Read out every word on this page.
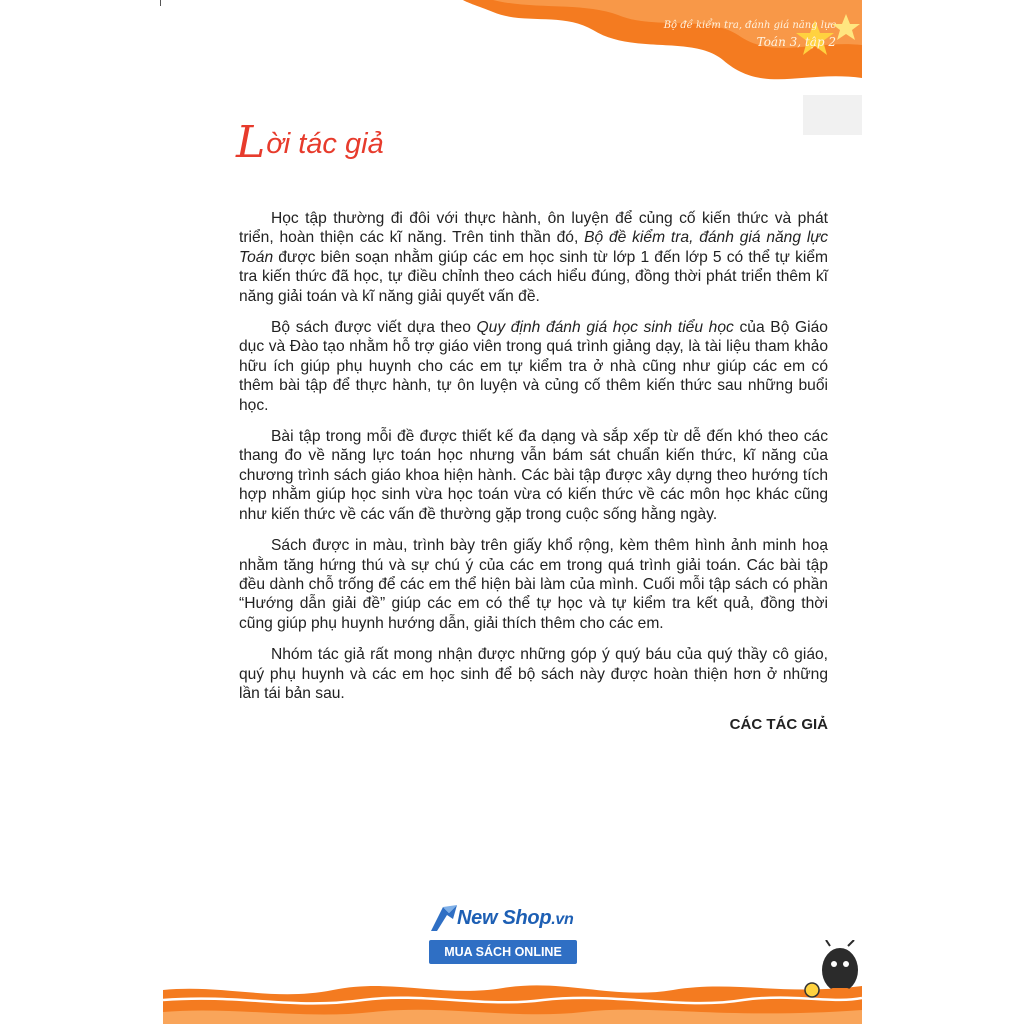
Bộ đề kiểm tra, đánh giá năng lực
Toán 3, tập 2
Lời tác giả

Học tập thường đi đôi với thực hành, ôn luyện để củng cố kiến thức và phát triển, hoàn thiện các kĩ năng. Trên tinh thần đó, Bộ đề kiểm tra, đánh giá năng lực Toán được biên soạn nhằm giúp các em học sinh từ lớp 1 đến lớp 5 có thể tự kiểm tra kiến thức đã học, tự điều chỉnh theo cách hiểu đúng, đồng thời phát triển thêm kĩ năng giải toán và kĩ năng giải quyết vấn đề.

Bộ sách được viết dựa theo Quy định đánh giá học sinh tiểu học của Bộ Giáo dục và Đào tạo nhằm hỗ trợ giáo viên trong quá trình giảng dạy, là tài liệu tham khảo hữu ích giúp phụ huynh cho các em tự kiểm tra ở nhà cũng như giúp các em có thêm bài tập để thực hành, tự ôn luyện và củng cố thêm kiến thức sau những buổi học.

Bài tập trong mỗi đề được thiết kế đa dạng và sắp xếp từ dễ đến khó theo các thang đo về năng lực toán học nhưng vẫn bám sát chuẩn kiến thức, kĩ năng của chương trình sách giáo khoa hiện hành. Các bài tập được xây dựng theo hướng tích hợp nhằm giúp học sinh vừa học toán vừa có kiến thức về các môn học khác cũng như kiến thức về các vấn đề thường gặp trong cuộc sống hằng ngày.

Sách được in màu, trình bày trên giấy khổ rộng, kèm thêm hình ảnh minh hoạ nhằm tăng hứng thú và sự chú ý của các em trong quá trình giải toán. Các bài tập đều dành chỗ trống để các em thể hiện bài làm của mình. Cuối mỗi tập sách có phần “Hướng dẫn giải đề” giúp các em có thể tự học và tự kiểm tra kết quả, đồng thời cũng giúp phụ huynh hướng dẫn, giải thích thêm cho các em.

Nhóm tác giả rất mong nhận được những góp ý quý báu của quý thầy cô giáo, quý phụ huynh và các em học sinh để bộ sách này được hoàn thiện hơn ở những lần tái bản sau.

CÁC TÁC GIẢ
New Shop.vn
MUA SÁCH ONLINE
